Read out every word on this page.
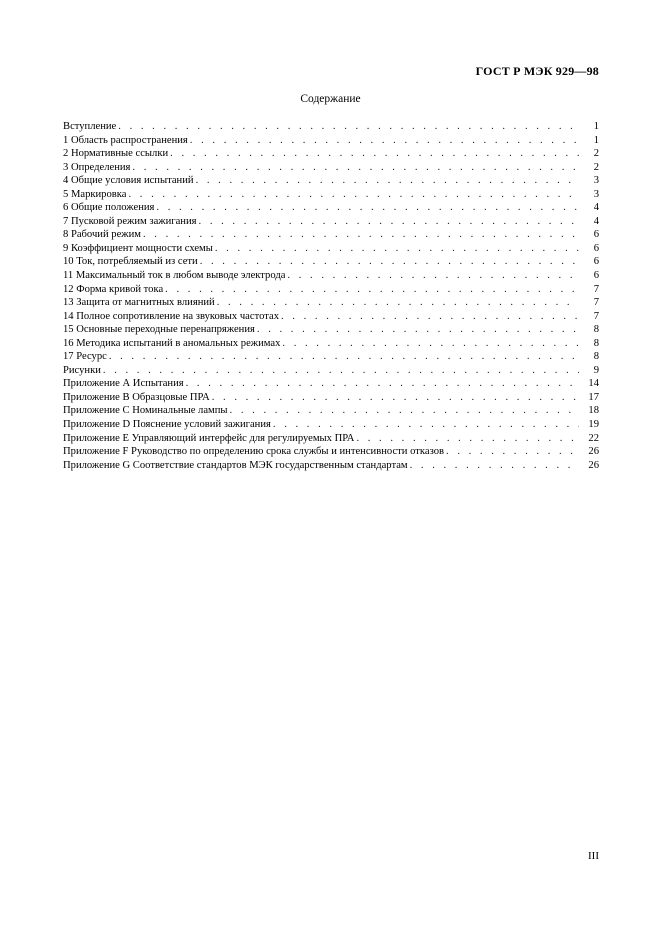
ГОСТ Р МЭК 929—98
Содержание
Вступление . . .	1
1 Область распространения . . .	1
2 Нормативные ссылки . . .	2
3 Определения . . .	2
4 Общие условия испытаний . . .	3
5 Маркировка . . .	3
6 Общие положения . . .	4
7 Пусковой режим зажигания . . .	4
8 Рабочий режим . . .	6
9 Коэффициент мощности схемы . . .	6
10 Ток, потребляемый из сети . . .	6
11 Максимальный ток в любом выводе электрода . . .	6
12 Форма кривой тока . . .	7
13 Защита от магнитных влияний . . .	7
14 Полное сопротивление на звуковых частотах . . .	7
15 Основные переходные перенапряжения . . .	8
16 Методика испытаний в аномальных режимах . . .	8
17 Ресурс . . .	8
Рисунки . . .	9
Приложение А Испытания . . .	14
Приложение В Образцовые ПРА . . .	17
Приложение С Номинальные лампы . . .	18
Приложение D Пояснение условий зажигания . . .	19
Приложение Е Управляющий интерфейс для регулируемых ПРА . . .	22
Приложение F Руководство по определению срока службы и интенсивности отказов . . .	26
Приложение G Соответствие стандартов МЭК государственным стандартам . . .	26
III
